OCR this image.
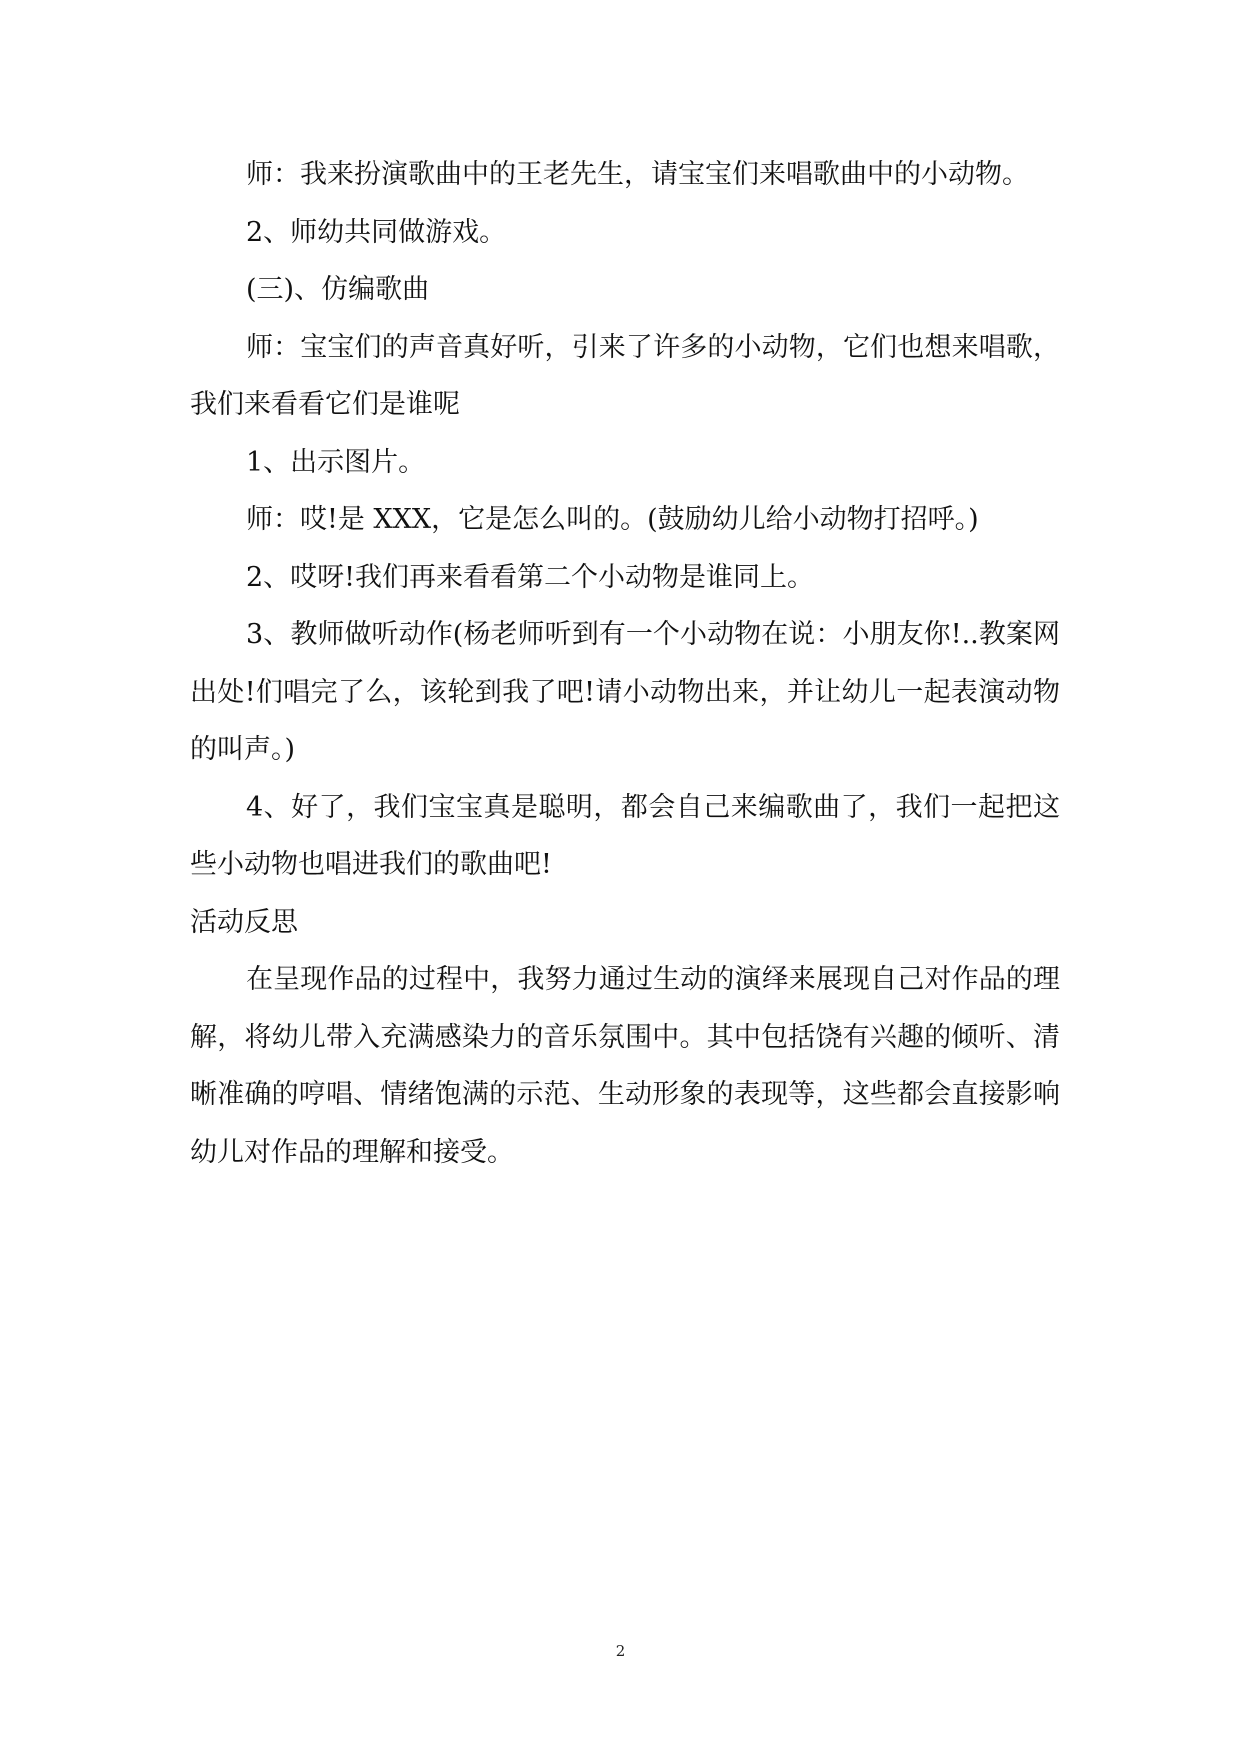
师：我来扮演歌曲中的王老先生，请宝宝们来唱歌曲中的小动物。

2、师幼共同做游戏。

(三)、仿编歌曲

师：宝宝们的声音真好听，引来了许多的小动物，它们也想来唱歌，我们来看看它们是谁呢

1、出示图片。

师：哎!是 XXX，它是怎么叫的。(鼓励幼儿给小动物打招呼。)

2、哎呀!我们再来看看第二个小动物是谁同上。

3、教师做听动作(杨老师听到有一个小动物在说：小朋友你!..教案网出处!们唱完了么，该轮到我了吧!请小动物出来，并让幼儿一起表演动物的叫声。)

4、好了，我们宝宝真是聪明，都会自己来编歌曲了，我们一起把这些小动物也唱进我们的歌曲吧!

活动反思

在呈现作品的过程中，我努力通过生动的演绎来展现自己对作品的理解，将幼儿带入充满感染力的音乐氛围中。其中包括饶有兴趣的倾听、清晰准确的哼唱、情绪饱满的示范、生动形象的表现等，这些都会直接影响幼儿对作品的理解和接受。

2
